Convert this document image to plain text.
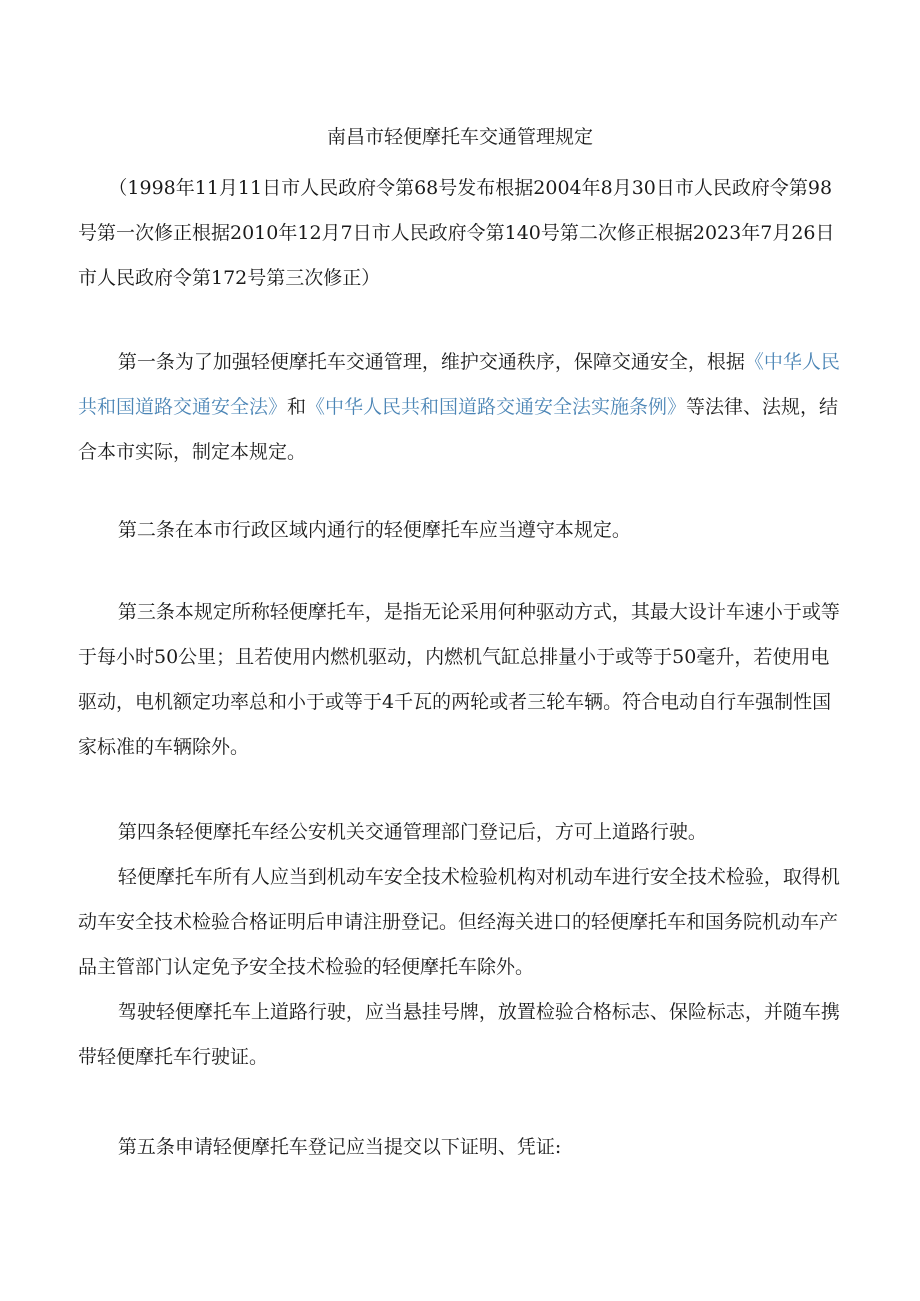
南昌市轻便摩托车交通管理规定
（1998年11月11日市人民政府令第68号发布根据2004年8月30日市人民政府令第98号第一次修正根据2010年12月7日市人民政府令第140号第二次修正根据2023年7月26日市人民政府令第172号第三次修正）
第一条为了加强轻便摩托车交通管理，维护交通秩序，保障交通安全，根据《中华人民共和国道路交通安全法》和《中华人民共和国道路交通安全法实施条例》等法律、法规，结合本市实际，制定本规定。
第二条在本市行政区域内通行的轻便摩托车应当遵守本规定。
第三条本规定所称轻便摩托车，是指无论采用何种驱动方式，其最大设计车速小于或等于每小时50公里；且若使用内燃机驱动，内燃机气缸总排量小于或等于50毫升，若使用电驱动，电机额定功率总和小于或等于4千瓦的两轮或者三轮车辆。符合电动自行车强制性国家标准的车辆除外。
第四条轻便摩托车经公安机关交通管理部门登记后，方可上道路行驶。
轻便摩托车所有人应当到机动车安全技术检验机构对机动车进行安全技术检验，取得机动车安全技术检验合格证明后申请注册登记。但经海关进口的轻便摩托车和国务院机动车产品主管部门认定免予安全技术检验的轻便摩托车除外。
驾驶轻便摩托车上道路行驶，应当悬挂号牌，放置检验合格标志、保险标志，并随车携带轻便摩托车行驶证。
第五条申请轻便摩托车登记应当提交以下证明、凭证:
